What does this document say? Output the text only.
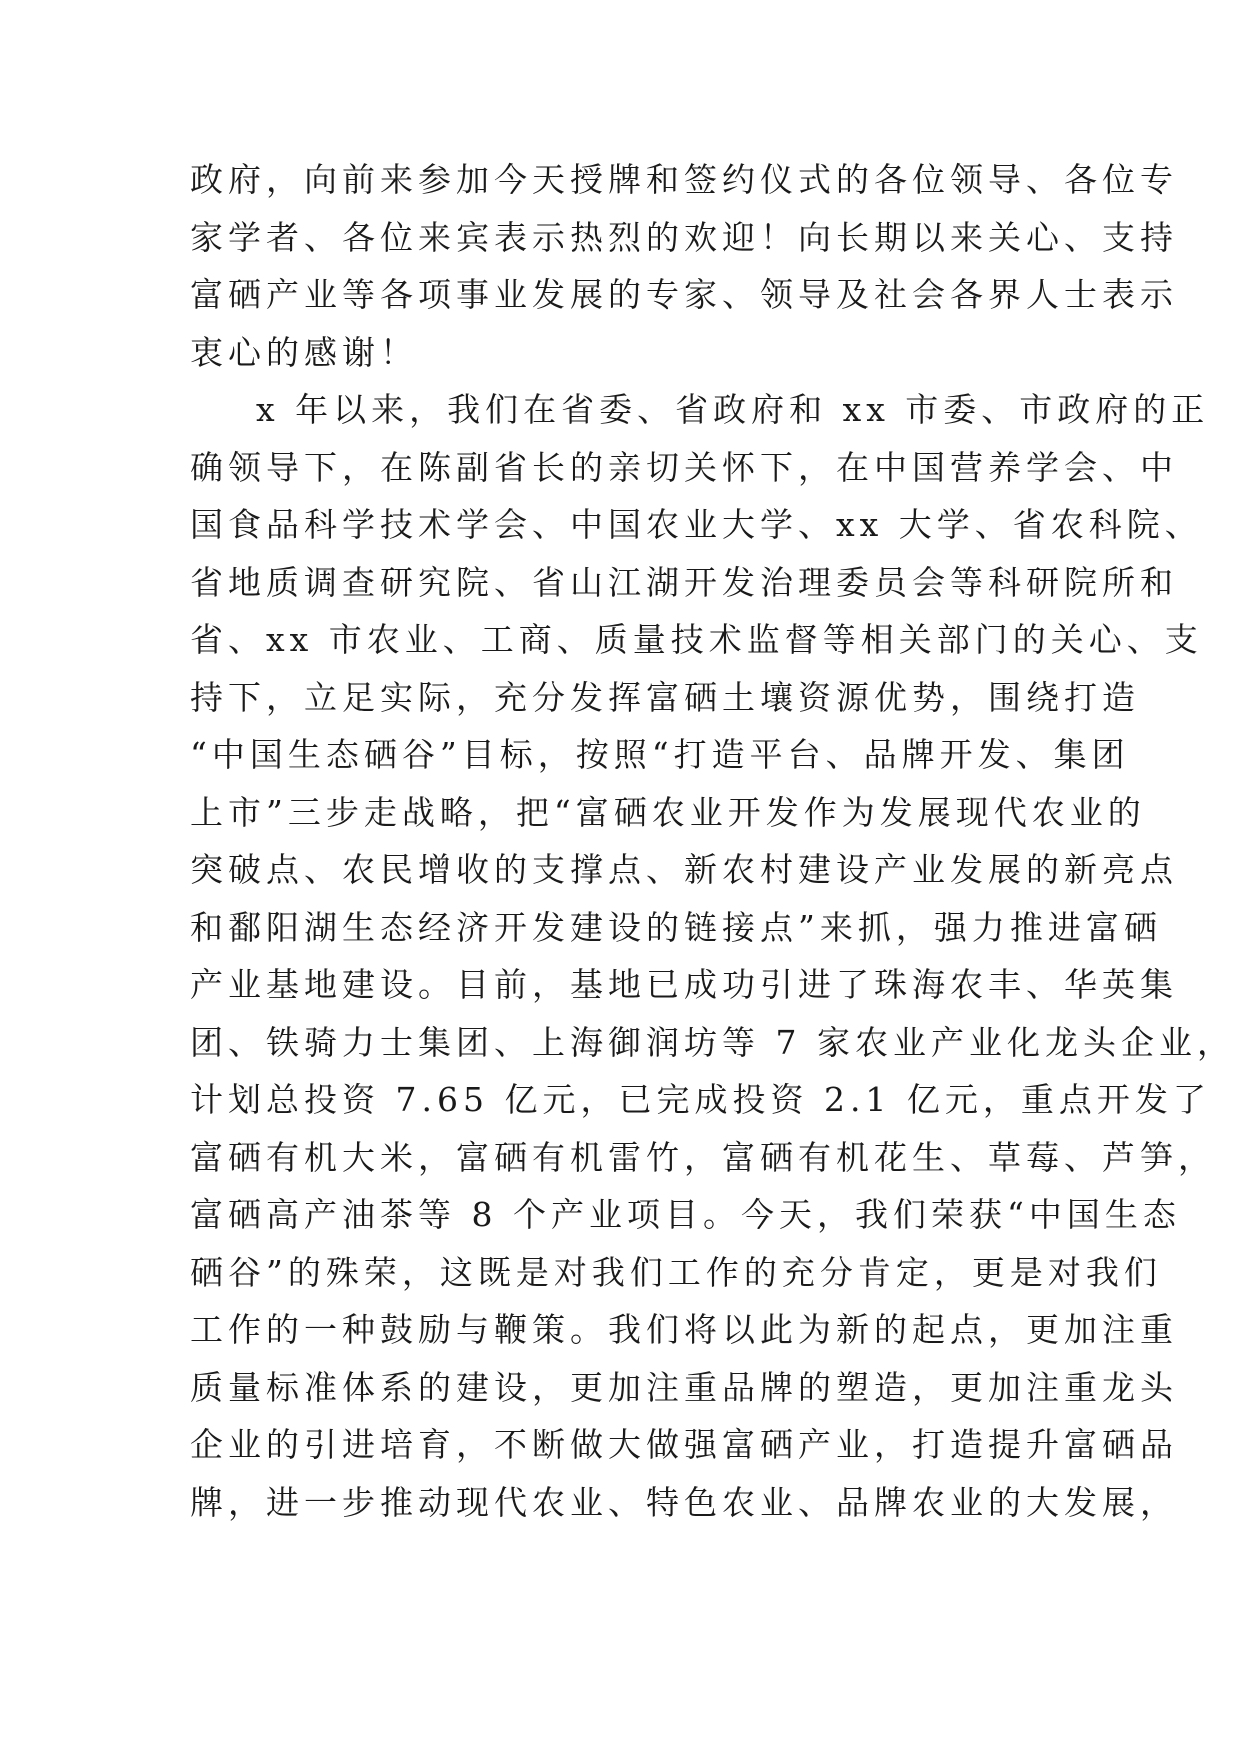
政府，向前来参加今天授牌和签约仪式的各位领导、各位专
家学者、各位来宾表示热烈的欢迎！向长期以来关心、支持
富硒产业等各项事业发展的专家、领导及社会各界人士表示
衷心的感谢！
x 年以来，我们在省委、省政府和 xx 市委、市政府的正
确领导下，在陈副省长的亲切关怀下，在中国营养学会、中
国食品科学技术学会、中国农业大学、xx 大学、省农科院、
省地质调查研究院、省山江湖开发治理委员会等科研院所和
省、xx 市农业、工商、质量技术监督等相关部门的关心、支
持下，立足实际，充分发挥富硒土壤资源优势，围绕打造
“中国生态硒谷”目标，按照“打造平台、品牌开发、集团
上市”三步走战略，把“富硒农业开发作为发展现代农业的
突破点、农民增收的支撑点、新农村建设产业发展的新亮点
和鄱阳湖生态经济开发建设的链接点”来抓，强力推进富硒
产业基地建设。目前，基地已成功引进了珠海农丰、华英集
团、铁骑力士集团、上海御润坊等 7 家农业产业化龙头企业，
计划总投资 7.65 亿元，已完成投资 2.1 亿元，重点开发了
富硒有机大米，富硒有机雷竹，富硒有机花生、草莓、芦笋，
富硒高产油茶等 8 个产业项目。今天，我们荣获“中国生态
硒谷”的殊荣，这既是对我们工作的充分肯定，更是对我们
工作的一种鼓励与鞭策。我们将以此为新的起点，更加注重
质量标准体系的建设，更加注重品牌的塑造，更加注重龙头
企业的引进培育，不断做大做强富硒产业，打造提升富硒品
牌，进一步推动现代农业、特色农业、品牌农业的大发展，
